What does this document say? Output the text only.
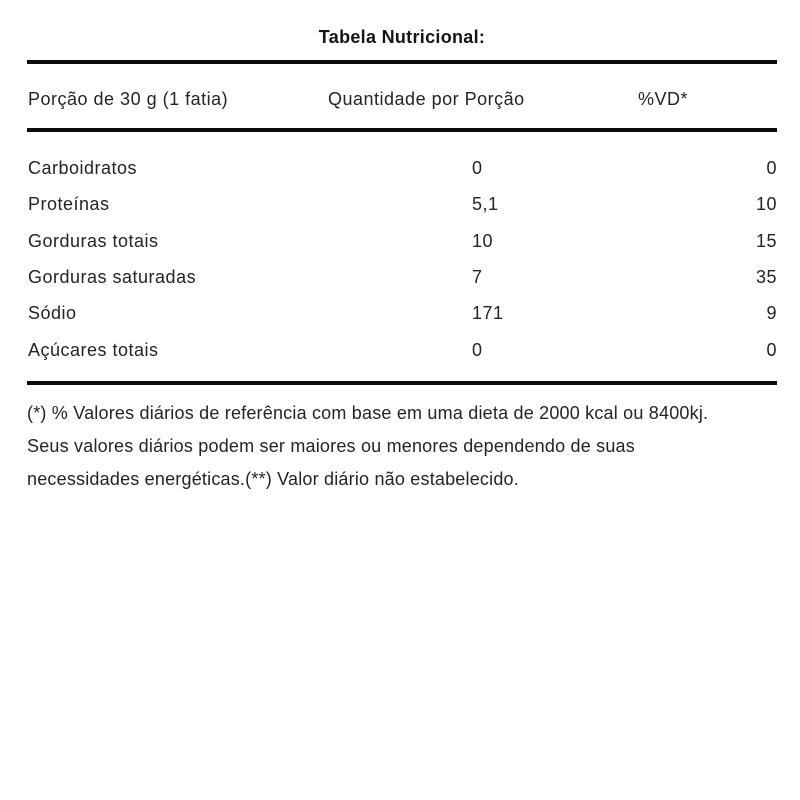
Tabela Nutricional:
Porção de 30 g (1 fatia)	Quantidade por Porção	%VD*
Carboidratos	0	0
Proteínas	5,1	10
Gorduras totais	10	15
Gorduras saturadas	7	35
Sódio	171	9
Açúcares totais	0	0
(*) % Valores diários de referência com base em uma dieta de 2000 kcal ou 8400kj.
Seus valores diários podem ser maiores ou menores dependendo de suas
necessidades energéticas.(**) Valor diário não estabelecido.
